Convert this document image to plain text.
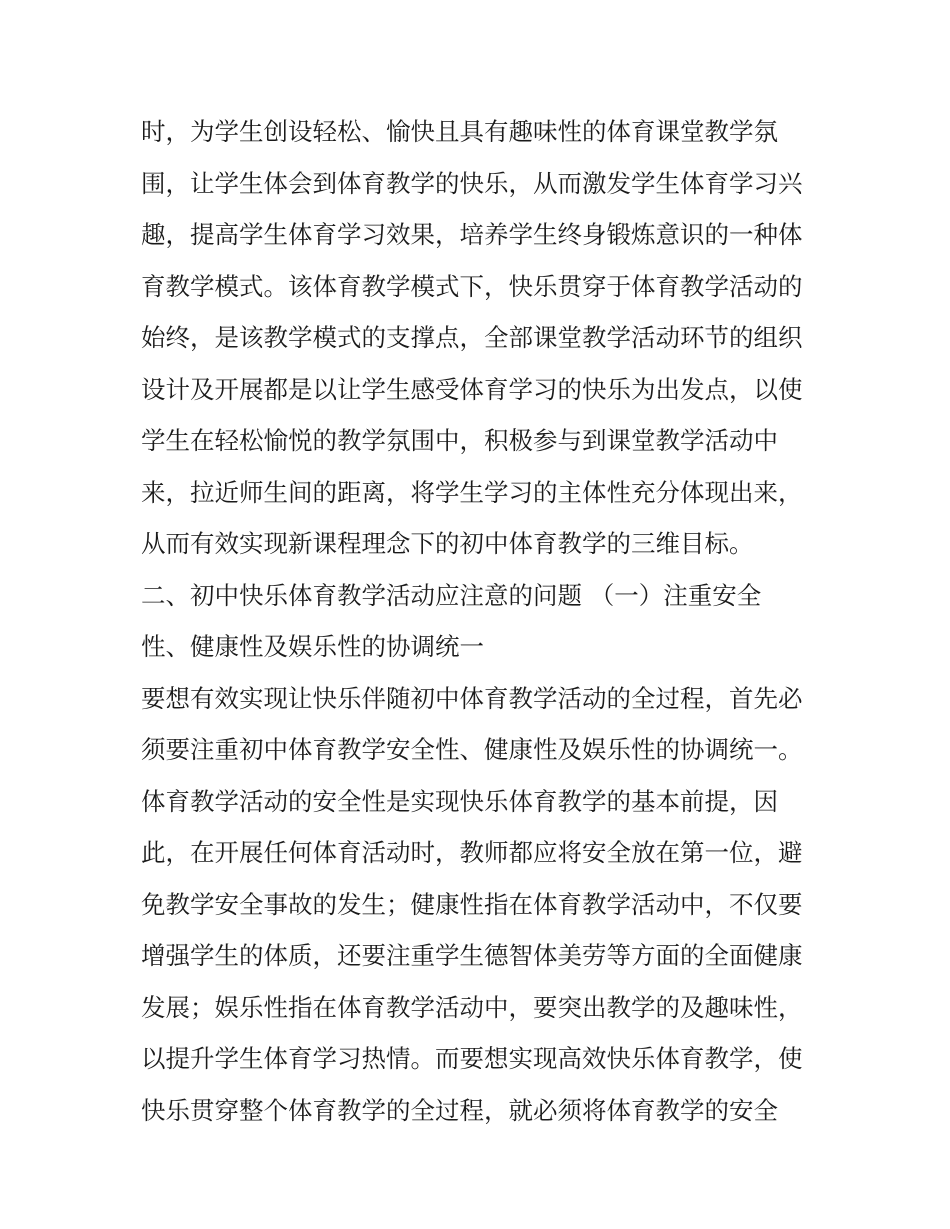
时，为学生创设轻松、愉快且具有趣味性的体育课堂教学氛
围，让学生体会到体育教学的快乐，从而激发学生体育学习兴
趣，提高学生体育学习效果，培养学生终身锻炼意识的一种体
育教学模式。该体育教学模式下，快乐贯穿于体育教学活动的
始终，是该教学模式的支撑点，全部课堂教学活动环节的组织
设计及开展都是以让学生感受体育学习的快乐为出发点，以使
学生在轻松愉悦的教学氛围中，积极参与到课堂教学活动中
来，拉近师生间的距离，将学生学习的主体性充分体现出来，
从而有效实现新课程理念下的初中体育教学的三维目标。
二、初中快乐体育教学活动应注意的问题 （一）注重安全
性、健康性及娱乐性的协调统一
要想有效实现让快乐伴随初中体育教学活动的全过程，首先必
须要注重初中体育教学安全性、健康性及娱乐性的协调统一。
体育教学活动的安全性是实现快乐体育教学的基本前提，因
此，在开展任何体育活动时，教师都应将安全放在第一位，避
免教学安全事故的发生；健康性指在体育教学活动中，不仅要
增强学生的体质，还要注重学生德智体美劳等方面的全面健康
发展；娱乐性指在体育教学活动中，要突出教学的及趣味性，
以提升学生体育学习热情。而要想实现高效快乐体育教学，使
快乐贯穿整个体育教学的全过程，就必须将体育教学的安全
